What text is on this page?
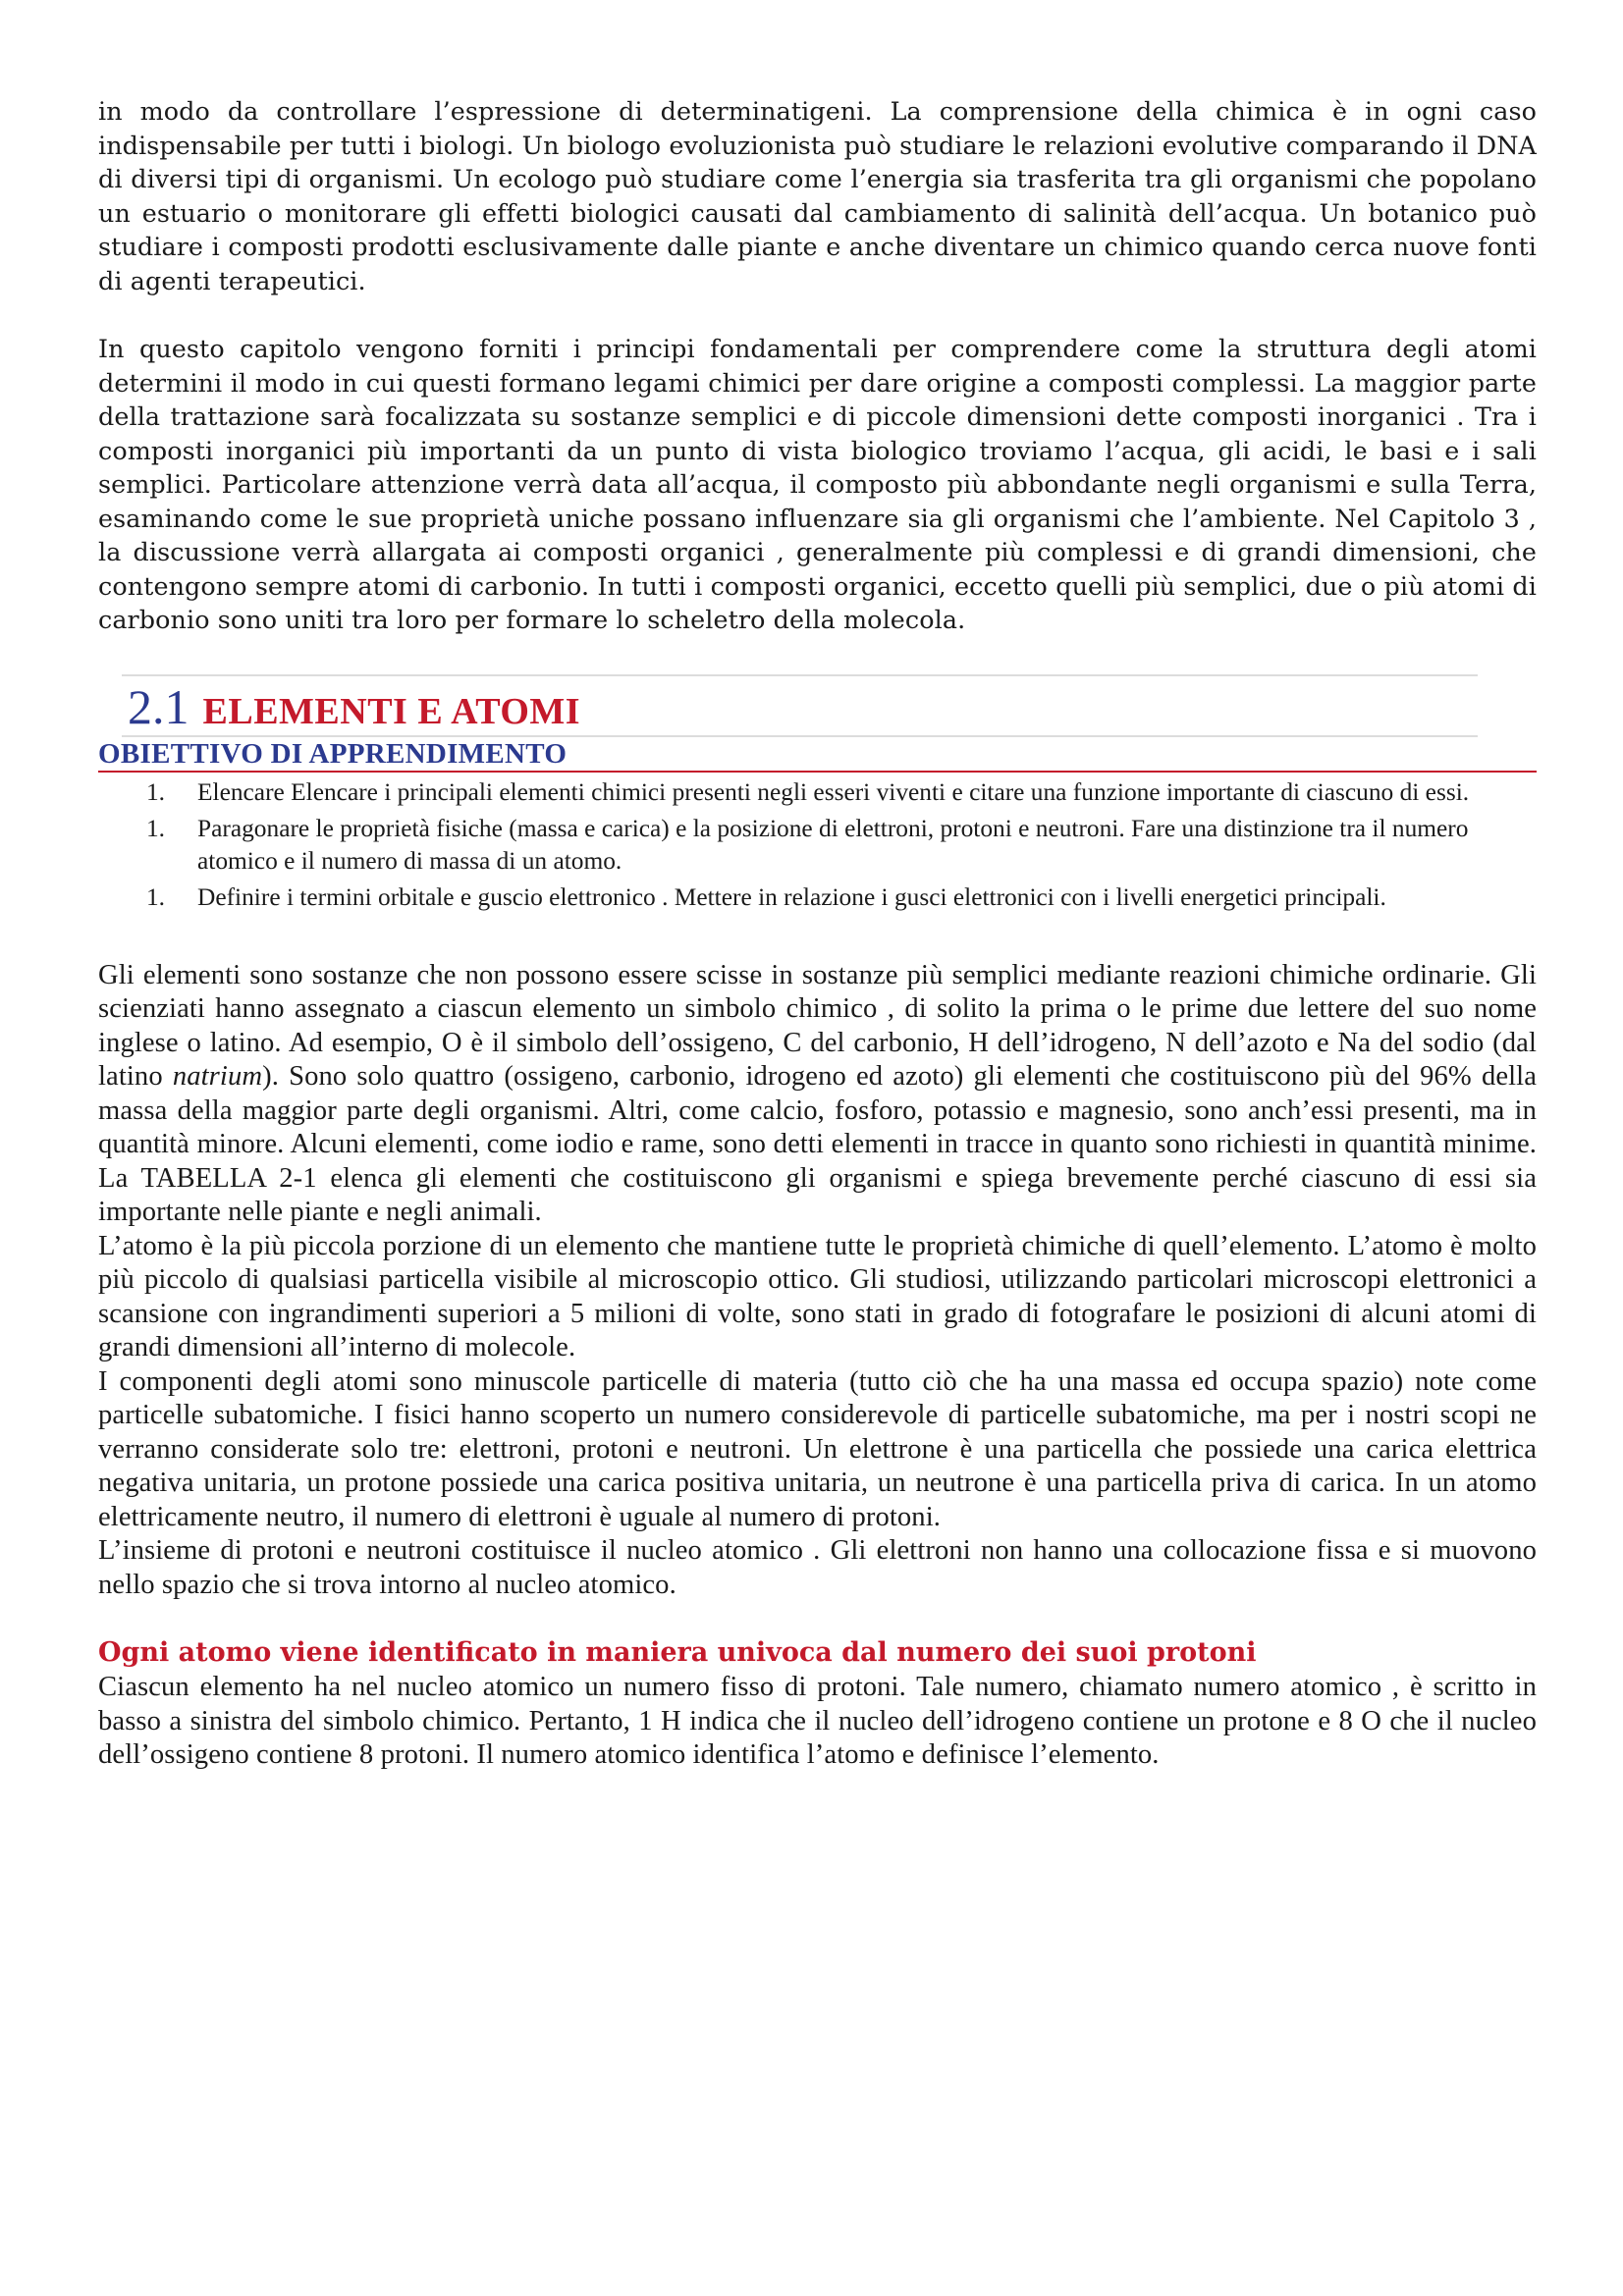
in modo da controllare l’espressione di determinatigeni. La comprensione della chimica è in ogni caso indispensabile per tutti i biologi. Un biologo evoluzionista può studiare le relazioni evolutive comparando il DNA di diversi tipi di organismi. Un ecologo può studiare come l’energia sia trasferita tra gli organismi che popolano un estuario o monitorare gli effetti biologici causati dal cambiamento di salinità dell’acqua. Un botanico può studiare i composti prodotti esclusivamente dalle piante e anche diventare un chimico quando cerca nuove fonti di agenti terapeutici.

In questo capitolo vengono forniti i principi fondamentali per comprendere come la struttura degli atomi determini il modo in cui questi formano legami chimici per dare origine a composti complessi. La maggior parte della trattazione sarà focalizzata su sostanze semplici e di piccole dimensioni dette composti inorganici . Tra i composti inorganici più importanti da un punto di vista biologico troviamo l’acqua, gli acidi, le basi e i sali semplici. Particolare attenzione verrà data all’acqua, il composto più abbondante negli organismi e sulla Terra, esaminando come le sue proprietà uniche possano influenzare sia gli organismi che l’ambiente. Nel Capitolo 3 , la discussione verrà allargata ai composti organici , generalmente più complessi e di grandi dimensioni, che contengono sempre atomi di carbonio. In tutti i composti organici, eccetto quelli più semplici, due o più atomi di carbonio sono uniti tra loro per formare lo scheletro della molecola.

2.1 ELEMENTI E ATOMI

OBIETTIVO DI APPRENDIMENTO

1.	Elencare Elencare i principali elementi chimici presenti negli esseri viventi e citare una funzione importante di ciascuno di essi.
1.	Paragonare le proprietà fisiche (massa e carica) e la posizione di elettroni, protoni e neutroni. Fare una distinzione tra il numero atomico e il numero di massa di un atomo.
1.	Definire i termini orbitale e guscio elettronico . Mettere in relazione i gusci elettronici con i livelli energetici principali.

Gli elementi sono sostanze che non possono essere scisse in sostanze più semplici mediante reazioni chimiche ordinarie. Gli scienziati hanno assegnato a ciascun elemento un simbolo chimico , di solito la prima o le prime due lettere del suo nome inglese o latino. Ad esempio, O è il simbolo dell’ossigeno, C del carbonio, H dell’idrogeno, N dell’azoto e Na del sodio (dal latino natrium). Sono solo quattro (ossigeno, carbonio, idrogeno ed azoto) gli elementi che costituiscono più del 96% della massa della maggior parte degli organismi. Altri, come calcio, fosforo, potassio e magnesio, sono anch’essi presenti, ma in quantità minore. Alcuni elementi, come iodio e rame, sono detti elementi in tracce in quanto sono richiesti in quantità minime. La TABELLA 2-1 elenca gli elementi che costituiscono gli organismi e spiega brevemente perché ciascuno di essi sia importante nelle piante e negli animali.

L’atomo è la più piccola porzione di un elemento che mantiene tutte le proprietà chimiche di quell’elemento. L’atomo è molto più piccolo di qualsiasi particella visibile al microscopio ottico. Gli studiosi, utilizzando particolari microscopi elettronici a scansione con ingrandimenti superiori a 5 milioni di volte, sono stati in grado di fotografare le posizioni di alcuni atomi di grandi dimensioni all’interno di molecole.

I componenti degli atomi sono minuscole particelle di materia (tutto ciò che ha una massa ed occupa spazio) note come particelle subatomiche. I fisici hanno scoperto un numero considerevole di particelle subatomiche, ma per i nostri scopi ne verranno considerate solo tre: elettroni, protoni e neutroni. Un elettrone è una particella che possiede una carica elettrica negativa unitaria, un protone possiede una carica positiva unitaria, un neutrone è una particella priva di carica. In un atomo elettricamente neutro, il numero di elettroni è uguale al numero di protoni.

L’insieme di protoni e neutroni costituisce il nucleo atomico . Gli elettroni non hanno una collocazione fissa e si muovono nello spazio che si trova intorno al nucleo atomico.

Ogni atomo viene identificato in maniera univoca dal numero dei suoi protoni

Ciascun elemento ha nel nucleo atomico un numero fisso di protoni. Tale numero, chiamato numero atomico , è scritto in basso a sinistra del simbolo chimico. Pertanto, 1 H indica che il nucleo dell’idrogeno contiene un protone e 8 O che il nucleo dell’ossigeno contiene 8 protoni. Il numero atomico identifica l’atomo e definisce l’elemento.
